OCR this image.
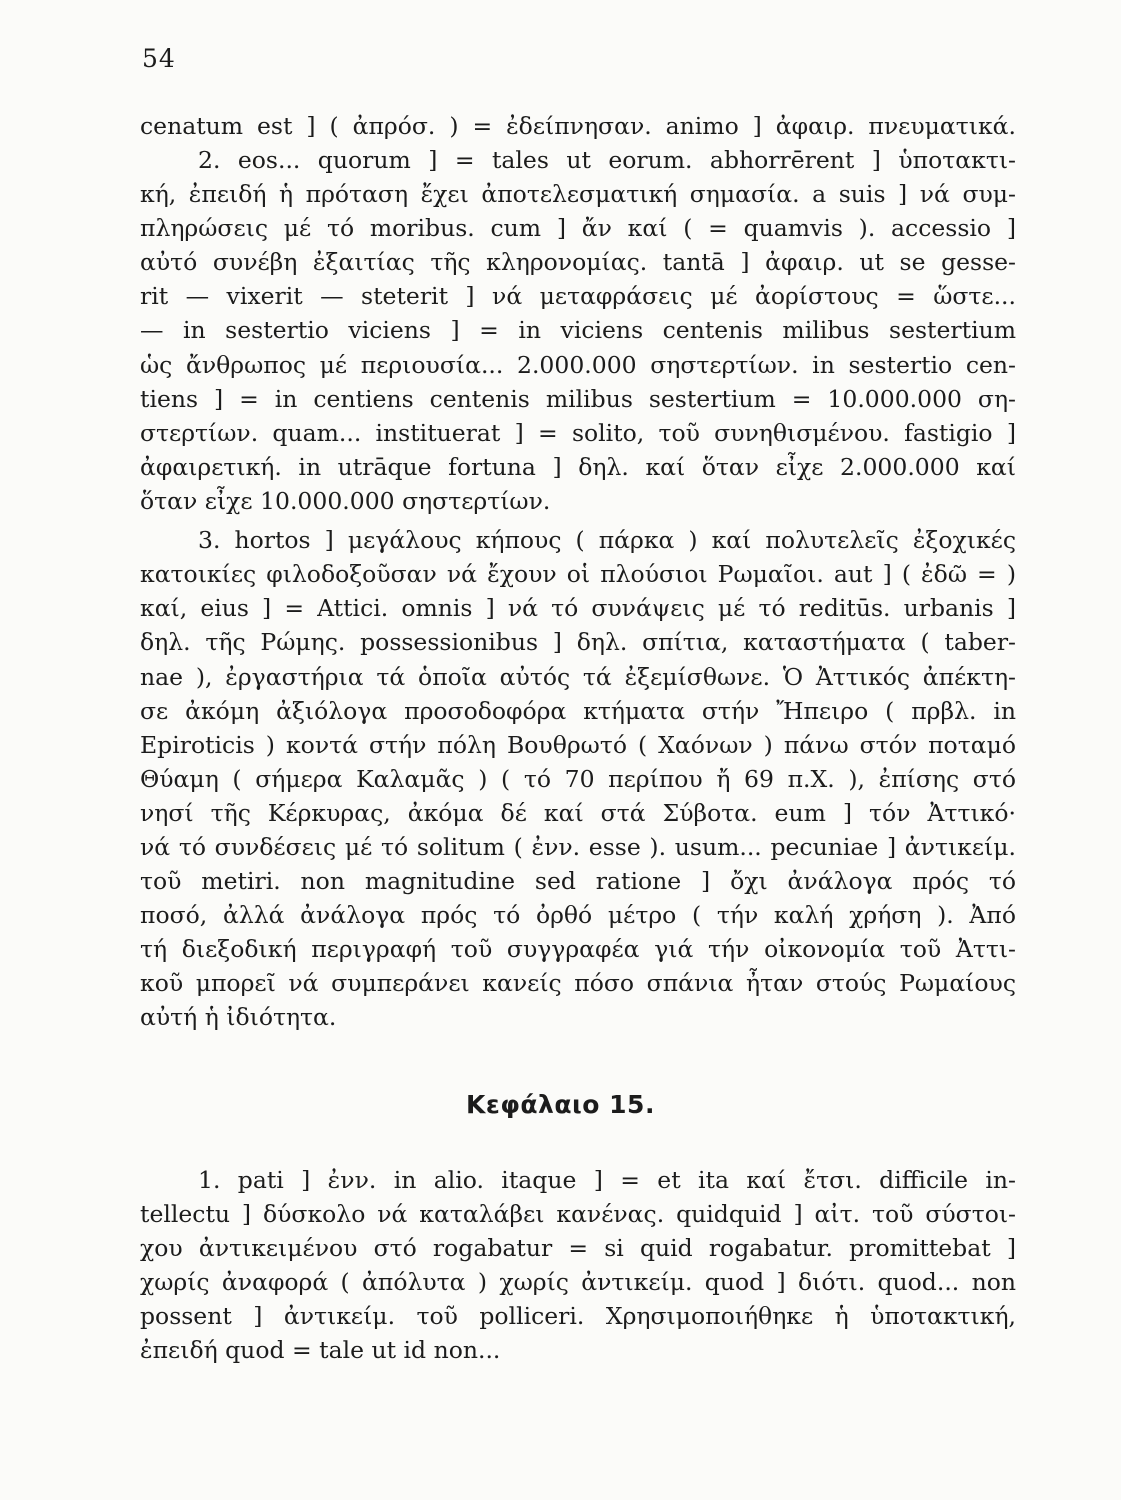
54
cenatum est ] ( ἀπρόσ. ) = ἐδείπνησαν. animo ] ἀφαιρ. πνευματικά.
2. eos... quorum ] = tales ut eorum. abhorrērent ] ὑποτακτι-
κή, ἐπειδή ἡ πρόταση ἔχει ἀποτελεσματική σημασία. a suis ] νά συμ-
πληρώσεις μέ τό moribus. cum ] ἄν καί ( = quamvis ). accessio ]
αὐτό συνέβη ἐξαιτίας τῆς κληρονομίας. tantā ] ἀφαιρ. ut se gesse-
rit — vixerit — steterit ] νά μεταφράσεις μέ ἀορίστους = ὥστε...
— in sestertio viciens ] = in viciens centenis milibus sestertium
ὡς ἄνθρωπος μέ περιουσία... 2.000.000 σηστερτίων. in sestertio cen-
tiens ] = in centiens centenis milibus sestertium = 10.000.000 ση-
στερτίων. quam... instituerat ] = solito, τοῦ συνηθισμένου. fastigio ]
ἀφαιρετική. in utrāque fortuna ] δηλ. καί ὅταν εἶχε 2.000.000 καί
ὅταν εἶχε 10.000.000 σηστερτίων.
3. hortos ] μεγάλους κήπους ( πάρκα ) καί πολυτελεῖς ἐξοχικές
κατοικίες φιλοδοξοῦσαν νά ἔχουν οἱ πλούσιοι Ρωμαῖοι. aut ] ( ἐδῶ = )
καί, eius ] = Attici. omnis ] νά τό συνάψεις μέ τό reditūs. urbanis ]
δηλ. τῆς Ρώμης. possessionibus ] δηλ. σπίτια, καταστήματα ( taber-
nae ), ἐργαστήρια τά ὁποῖα αὐτός τά ἐξεμίσθωνε. Ὁ Ἀττικός ἀπέκτη-
σε ἀκόμη ἀξιόλογα προσοδοφόρα κτήματα στήν Ἤπειρο ( πρβλ. in
Epiroticis ) κοντά στήν πόλη Βουθρωτό ( Χαόνων ) πάνω στόν ποταμό
Θύαμη ( σήμερα Καλαμᾶς ) ( τό 70 περίπου ἤ 69 π.Χ. ), ἐπίσης στό
νησί τῆς Κέρκυρας, ἀκόμα δέ καί στά Σύβοτα. eum ] τόν Ἀττικό·
νά τό συνδέσεις μέ τό solitum ( ἐνν. esse ). usum... pecuniae ] ἀντικείμ.
τοῦ metiri. non magnitudine sed ratione ] ὄχι ἀνάλογα πρός τό
ποσό, ἀλλά ἀνάλογα πρός τό ὀρθό μέτρο ( τήν καλή χρήση ). Ἀπό
τή διεξοδική περιγραφή τοῦ συγγραφέα γιά τήν οἰκονομία τοῦ Ἀττι-
κοῦ μπορεῖ νά συμπεράνει κανείς πόσο σπάνια ἦταν στούς Ρωμαίους
αὐτή ἡ ἰδιότητα.
Κεφάλαιο 15.
1. pati ] ἐνν. in alio. itaque ] = et ita καί ἔτσι. difficile in-
tellectu ] δύσκολο νά καταλάβει κανένας. quidquid ] αἰτ. τοῦ σύστοι-
χου ἀντικειμένου στό rogabatur = si quid rogabatur. promittebat ]
χωρίς ἀναφορά ( ἀπόλυτα ) χωρίς ἀντικείμ. quod ] διότι. quod... non
possent ] ἀντικείμ. τοῦ polliceri. Χρησιμοποιήθηκε ἡ ὑποτακτική,
ἐπειδή quod = tale ut id non...
